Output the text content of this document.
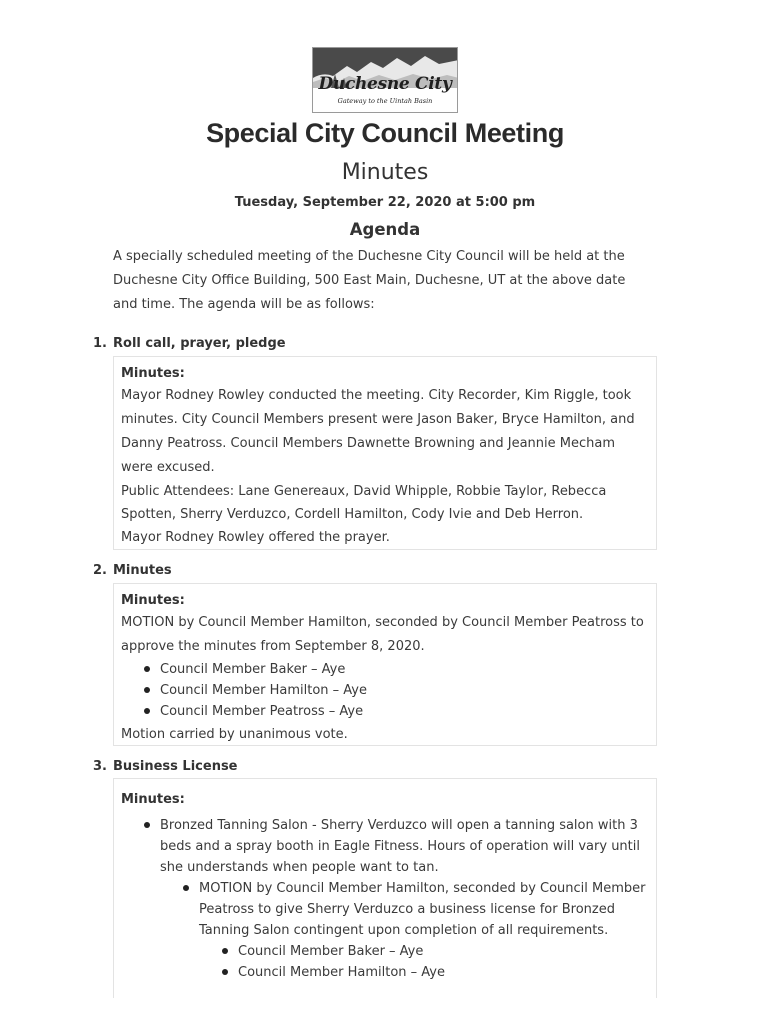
Duchesne City
Gateway to the Uintah Basin
Special City Council Meeting
Minutes
Tuesday, September 22, 2020 at 5:00 pm
Agenda
A specially scheduled meeting of the Duchesne City Council will be held at the Duchesne City Office Building, 500 East Main, Duchesne, UT at the above date and time. The agenda will be as follows:
1. Roll call, prayer, pledge
Minutes:

Mayor Rodney Rowley conducted the meeting. City Recorder, Kim Riggle, took minutes. City Council Members present were Jason Baker, Bryce Hamilton, and Danny Peatross. Council Members Dawnette Browning and Jeannie Mecham were excused.

Public Attendees: Lane Genereaux, David Whipple, Robbie Taylor, Rebecca Spotten, Sherry Verduzco, Cordell Hamilton, Cody Ivie and Deb Herron.

Mayor Rodney Rowley offered the prayer.

2. Minutes
Minutes:

MOTION by Council Member Hamilton, seconded by Council Member Peatross to approve the minutes from September 8, 2020.

Council Member Baker – Aye
Council Member Hamilton – Aye
Council Member Peatross – Aye

Motion carried by unanimous vote.

3. Business License
Minutes:
Bronzed Tanning Salon - Sherry Verduzco will open a tanning salon with 3 beds and a spray booth in Eagle Fitness. Hours of operation will vary until she understands when people want to tan.
MOTION by Council Member Hamilton, seconded by Council Member Peatross to give Sherry Verduzco a business license for Bronzed Tanning Salon contingent upon completion of all requirements.
Council Member Baker – Aye
Council Member Hamilton – Aye
